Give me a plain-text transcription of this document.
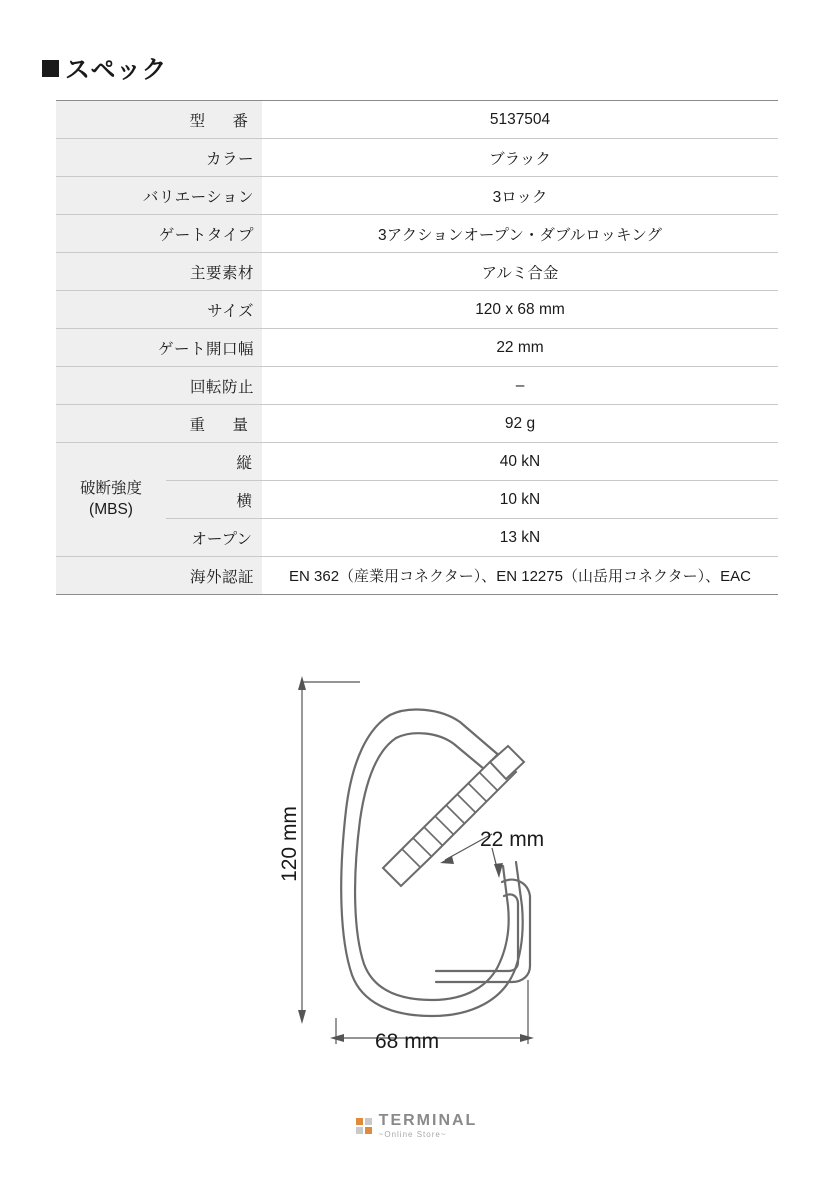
スペック
型　番		5137504
カラー		ブラック
バリエーション		3ロック
ゲートタイプ		3アクションオープン・ダブルロッキング
主要素材		アルミ合金
サイズ		120 x 68 mm
ゲート開口幅		22 mm
回転防止		–
重　量		92 g

破断強度
(MBS)	縦	40 kN
	横	10 kN
	オープン	13 kN
海外認証		EN 362（産業用コネクター）、EN 12275（山岳用コネクター）、EAC
120 mm
68 mm
22 mm
TERMINAL
~Online Store~
